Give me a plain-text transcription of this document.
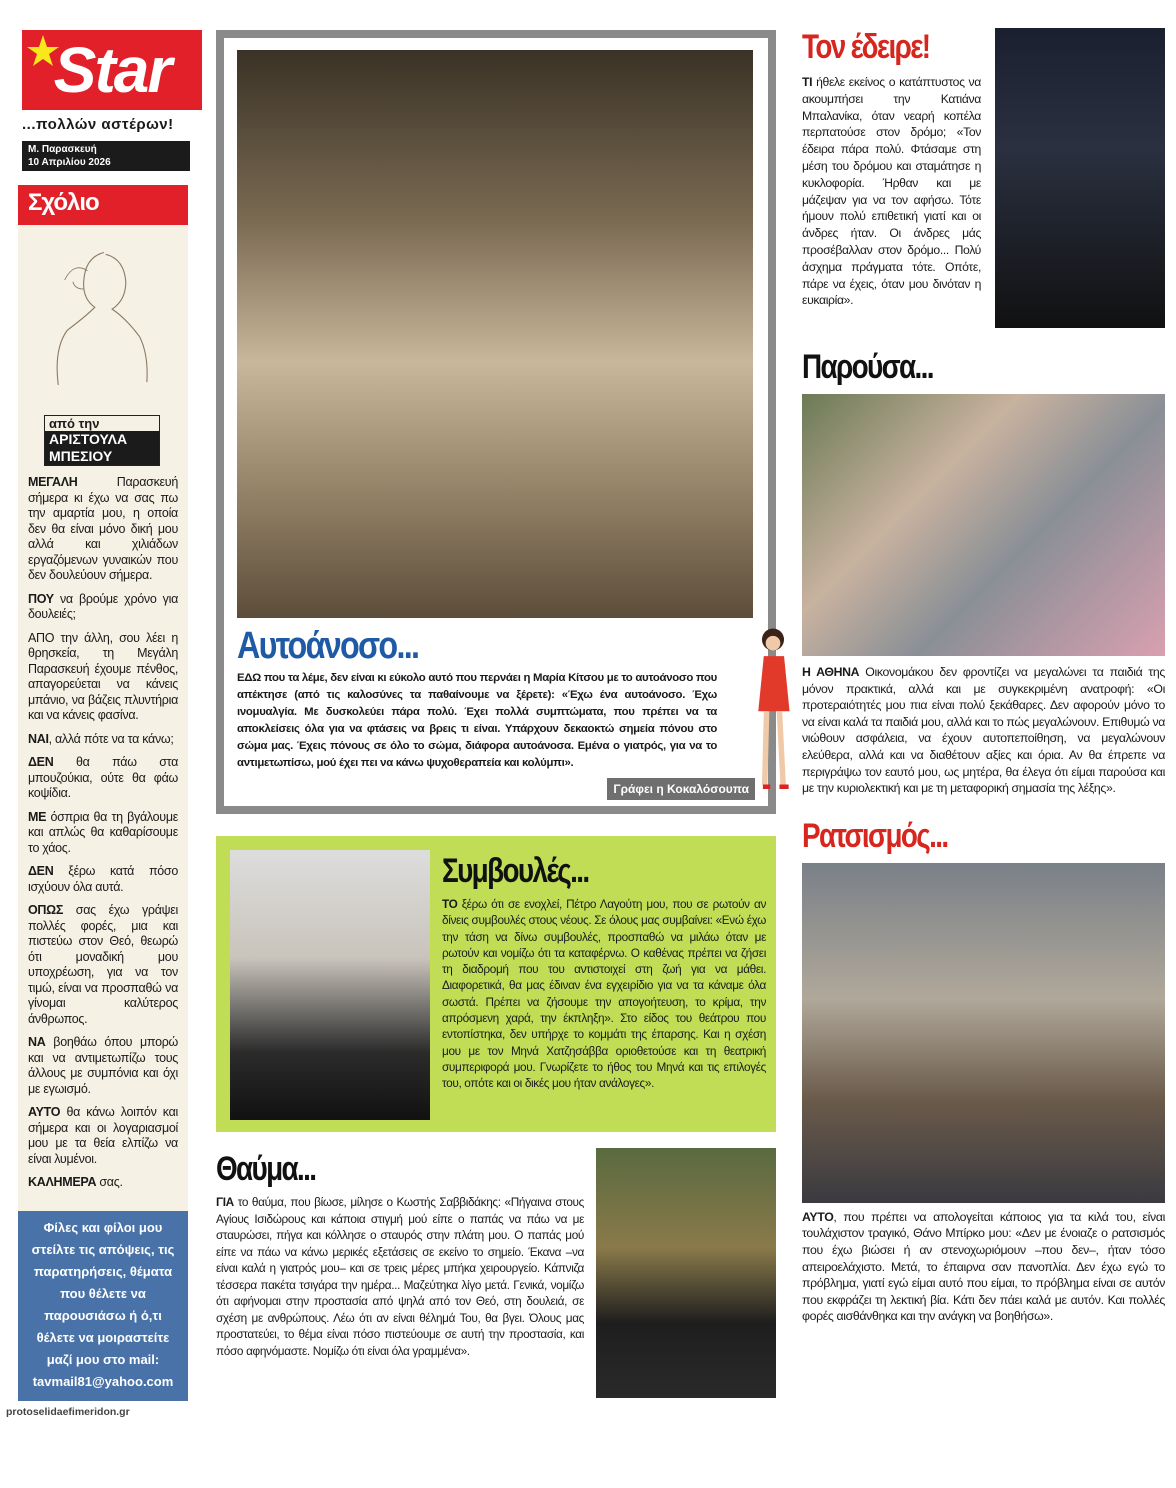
Star
...πολλών αστέρων!
Μ. Παρασκευή
10 Απριλίου 2026
Σχόλιο
από την
ΑΡΙΣΤΟΥΛΑ ΜΠΕΣΙΟΥ

ΜΕΓΑΛΗ Παρασκευή σήμερα κι έχω να σας πω την αμαρτία μου, η οποία δεν θα είναι μόνο δική μου αλλά και χιλιάδων εργαζόμενων γυναικών που δεν δουλεύουν σήμερα.

ΠΟΥ να βρούμε χρόνο για δουλειές;

ΑΠΟ την άλλη, σου λέει η θρησκεία, τη Μεγάλη Παρασκευή έχουμε πένθος, απαγορεύεται να κάνεις μπάνιο, να βάζεις πλυντήρια και να κάνεις φασίνα.

ΝΑΙ, αλλά πότε να τα κάνω;

ΔΕΝ θα πάω στα μπουζούκια, ούτε θα φάω κοψίδια.

ΜΕ όσπρια θα τη βγάλουμε και απλώς θα καθαρίσουμε το χάος.

ΔΕΝ ξέρω κατά πόσο ισχύουν όλα αυτά.

ΟΠΩΣ σας έχω γράψει πολλές φορές, μια και πιστεύω στον Θεό, θεωρώ ότι μοναδική μου υποχρέωση, για να τον τιμώ, είναι να προσπαθώ να γίνομαι καλύτερος άνθρωπος.

ΝΑ βοηθάω όπου μπορώ και να αντιμετωπίζω τους άλλους με συμπόνια και όχι με εγωισμό.

ΑΥΤΟ θα κάνω λοιπόν και σήμερα και οι λογαριασμοί μου με τα θεία ελπίζω να είναι λυμένοι.

ΚΑΛΗΜΕΡΑ σας.

Φίλες και φίλοι μου στείλτε τις απόψεις, τις παρατηρήσεις, θέματα που θέλετε να παρουσιάσω ή ό,τι θέλετε να μοιραστείτε μαζί μου στο mail:
tavmail81@yahoo.com
protoselidaefimeridon.gr
Αυτοάνοσο...
ΕΔΩ που τα λέμε, δεν είναι κι εύκολο αυτό που περνάει η Μαρία Κίτσου με το αυτοάνοσο που απέκτησε (από τις καλοσύνες τα παθαίνουμε να ξέρετε): «Έχω ένα αυτοάνοσο. Έχω ινομυαλγία. Με δυσκολεύει πάρα πολύ. Έχει πολλά συμπτώματα, που πρέπει να τα αποκλείσεις όλα για να φτάσεις να βρεις τι είναι. Υπάρχουν δεκαοκτώ σημεία πόνου στο σώμα μας. Έχεις πόνους σε όλο το σώμα, διάφορα αυτοάνοσα. Εμένα ο γιατρός, για να το αντιμετωπίσω, μού έχει πει να κάνω ψυχοθεραπεία και κολύμπι».
Γράφει η Κοκαλόσουπα
Συμβουλές...
ΤΟ ξέρω ότι σε ενοχλεί, Πέτρο Λαγούτη μου, που σε ρωτούν αν δίνεις συμβουλές στους νέους. Σε όλους μας συμβαίνει: «Ενώ έχω την τάση να δίνω συμβουλές, προσπαθώ να μιλάω όταν με ρωτούν και νομίζω ότι τα καταφέρνω. Ο καθένας πρέπει να ζήσει τη διαδρομή που του αντιστοιχεί στη ζωή για να μάθει. Διαφορετικά, θα μας έδιναν ένα εγχειρίδιο για να τα κάναμε όλα σωστά. Πρέπει να ζήσουμε την απογοήτευση, το κρίμα, την απρόσμενη χαρά, την έκπληξη». Στο είδος του θεάτρου που εντοπίστηκα, δεν υπήρχε το κομμάτι της έπαρσης. Και η σχέση μου με τον Μηνά Χατζησάββα οριοθετούσε και τη θεατρική συμπεριφορά μου. Γνωρίζετε το ήθος του Μηνά και τις επιλογές του, οπότε και οι δικές μου ήταν ανάλογες».
Θαύμα...
ΓΙΑ το θαύμα, που βίωσε, μίλησε ο Κωστής Σαββιδάκης: «Πήγαινα στους Αγίους Ισιδώρους και κάποια στιγμή μού είπε ο παπάς να πάω να με σταυρώσει, πήγα και κόλλησε ο σταυρός στην πλάτη μου. Ο παπάς μού είπε να πάω να κάνω μερικές εξετάσεις σε εκείνο το σημείο. Έκανα –να είναι καλά η γιατρός μου– και σε τρεις μέρες μπήκα χειρουργείο. Κάπνιζα τέσσερα πακέτα τσιγάρα την ημέρα... Μαζεύτηκα λίγο μετά. Γενικά, νομίζω ότι αφήνομαι στην προστασία από ψηλά από τον Θεό, στη δουλειά, σε σχέση με ανθρώπους. Λέω ότι αν είναι θέλημά Του, θα βγει. Όλους μας προστατεύει, το θέμα είναι πόσο πιστεύουμε σε αυτή την προστασία, και πόσο αφηνόμαστε. Νομίζω ότι είναι όλα γραμμένα».
Τον έδειρε!
ΤΙ ήθελε εκείνος ο κατάπτυστος να ακουμπήσει την Κατιάνα Μπαλανίκα, όταν νεαρή κοπέλα περπατούσε στον δρόμο; «Τον έδειρα πάρα πολύ. Φτάσαμε στη μέση του δρόμου και σταμάτησε η κυκλοφορία. Ήρθαν και με μάζεψαν για να τον αφήσω. Τότε ήμουν πολύ επιθετική γιατί και οι άνδρες ήταν. Οι άνδρες μάς προσέβαλλαν στον δρόμο... Πολύ άσχημα πράγματα τότε. Οπότε, πάρε να έχεις, όταν μου δινόταν η ευκαιρία».
Παρούσα...
Η ΑΘΗΝΑ Οικονομάκου δεν φροντίζει να μεγαλώνει τα παιδιά της μόνον πρακτικά, αλλά και με συγκεκριμένη ανατροφή: «Οι προτεραιότητές μου πια είναι πολύ ξεκάθαρες. Δεν αφορούν μόνο το να είναι καλά τα παιδιά μου, αλλά και το πώς μεγαλώνουν. Επιθυμώ να νιώθουν ασφάλεια, να έχουν αυτοπεποίθηση, να μεγαλώνουν ελεύθερα, αλλά και να διαθέτουν αξίες και όρια. Αν θα έπρεπε να περιγράψω τον εαυτό μου, ως μητέρα, θα έλεγα ότι είμαι παρούσα και με την κυριολεκτική και με τη μεταφορική σημασία της λέξης».
Ρατσισμός...
ΑΥΤΟ, που πρέπει να απολογείται κάποιος για τα κιλά του, είναι τουλάχιστον τραγικό, Θάνο Μπίρκο μου: «Δεν με ένοιαζε ο ρατσισμός που έχω βιώσει ή αν στενοχωριόμουν –που δεν–, ήταν τόσο απειροελάχιστο. Μετά, το έπαιρνα σαν πανοπλία. Δεν έχω εγώ το πρόβλημα, γιατί εγώ είμαι αυτό που είμαι, το πρόβλημα είναι σε αυτόν που εκφράζει τη λεκτική βία. Κάτι δεν πάει καλά με αυτόν. Και πολλές φορές αισθάνθηκα και την ανάγκη να βοηθήσω».
